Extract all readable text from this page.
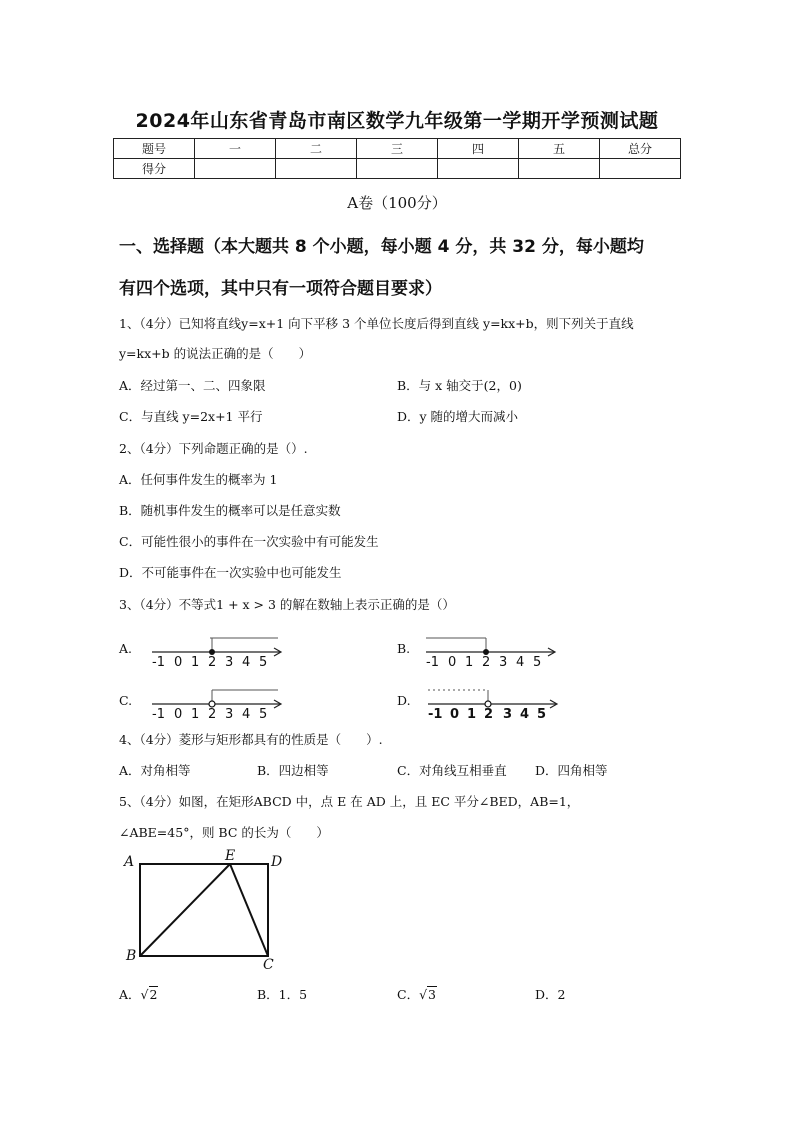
2024年山东省青岛市南区数学九年级第一学期开学预测试题
题号	一	二	三	四	五	总分
得分						
A卷（100分）
一、选择题（本大题共 8 个小题，每小题 4 分，共 32 分，每小题均
有四个选项，其中只有一项符合题目要求）
1、（4分）已知将直线y=x+1 向下平移 3 个单位长度后得到直线 y=kx+b，则下列关于直线
y=kx+b 的说法正确的是（　　）
A．经过第一、二、四象限	B．与 x 轴交于(2，0)
C．与直线 y=2x+1 平行	D．y 随的增大而减小
2、（4分）下列命题正确的是（）.
A．任何事件发生的概率为 1
B．随机事件发生的概率可以是任意实数
C．可能性很小的事件在一次实验中有可能发生
D．不可能事件在一次实验中也可能发生
3、（4分）不等式1 + x > 3 的解在数轴上表示正确的是（）
A.	B.
C.	D.
-1 0 1 2 3 4 5	-1 0 1 2 3 4 5
-1 0 1 2 3 4 5	-1 0 1 2 3 4 5
4、（4分）菱形与矩形都具有的性质是（　　）.
A．对角相等	B．四边相等	C．对角线互相垂直 D．四角相等
5、（4分）如图，在矩形ABCD 中，点 E 在 AD 上，且 EC 平分∠BED，AB=1，
∠ABE=45°，则 BC 的长为（　　）
A	E	D
B
C
A．√2	B．1．5	C．√3	D．2
